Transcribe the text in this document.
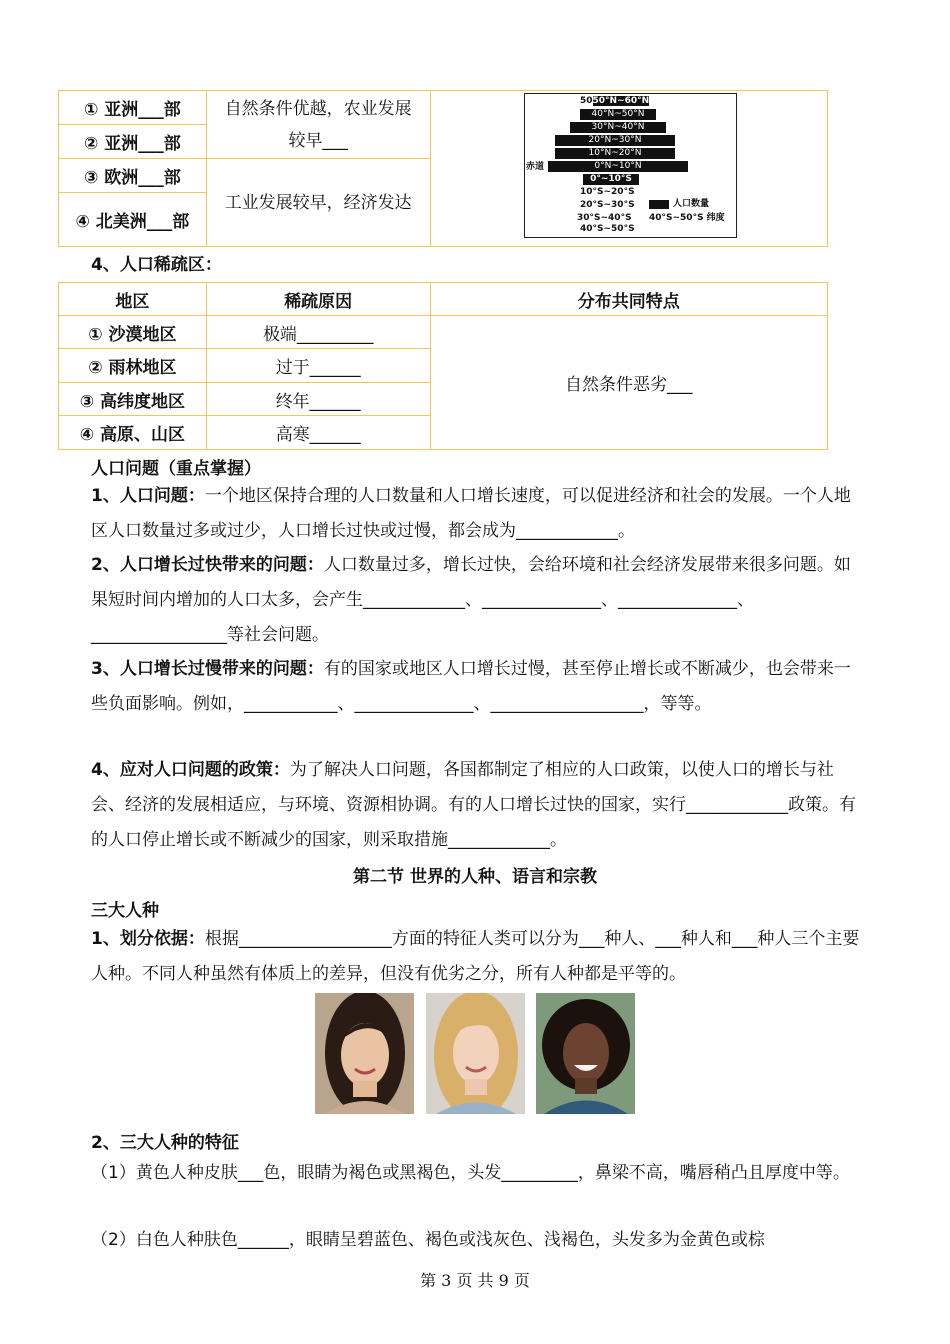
① 亚洲___部	自然条件优越，农业发展较早___	
② 亚洲___部		
③ 欧洲___部	工业发展较早，经济发达	
④ 北美洲___部		
5050°N~60°N
40°N~50°N
30°N~40°N
20°N~30°N
10°N~20°N
赤道	0°N~10°N
0°~10°S
10°S~20°S
20°S~30°S
30°S~40°S
40°S~50°S
人口数量
40°S~50°S 纬度
4、人口稀疏区：
地区	稀疏原因	分布共同特点
① 沙漠地区	极端_________	自然条件恶劣___
② 雨林地区	过于______	
③ 高纬度地区	终年______	
④ 高原、山区	高寒______	
人口问题（重点掌握）
1、人口问题：一个地区保持合理的人口数量和人口增长速度，可以促进经济和社会的发展。一个人地区人口数量过多或过少，人口增长过快或过慢，都会成为____________。
2、人口增长过快带来的问题：人口数量过多，增长过快，会给环境和社会经济发展带来很多问题。如果短时间内增加的人口太多，会产生____________、______________、______________、________________等社会问题。
3、人口增长过慢带来的问题：有的国家或地区人口增长过慢，甚至停止增长或不断减少，也会带来一些负面影响。例如，___________、______________、__________________，等等。
4、应对人口问题的政策：为了解决人口问题，各国都制定了相应的人口政策，以使人口的增长与社会、经济的发展相适应，与环境、资源相协调。有的人口增长过快的国家，实行____________政策。有的人口停止增长或不断减少的国家，则采取措施____________。
第二节 世界的人种、语言和宗教
三大人种
1、划分依据：根据__________________方面的特征人类可以分为___种人、___种人和___种人三个主要人种。不同人种虽然有体质上的差异，但没有优劣之分，所有人种都是平等的。
2、三大人种的特征
（1）黄色人种皮肤___色，眼睛为褐色或黑褐色，头发_________，鼻梁不高，嘴唇稍凸且厚度中等。
（2）白色人种肤色______，眼睛呈碧蓝色、褐色或浅灰色、浅褐色，头发多为金黄色或棕
第 3 页 共 9 页
